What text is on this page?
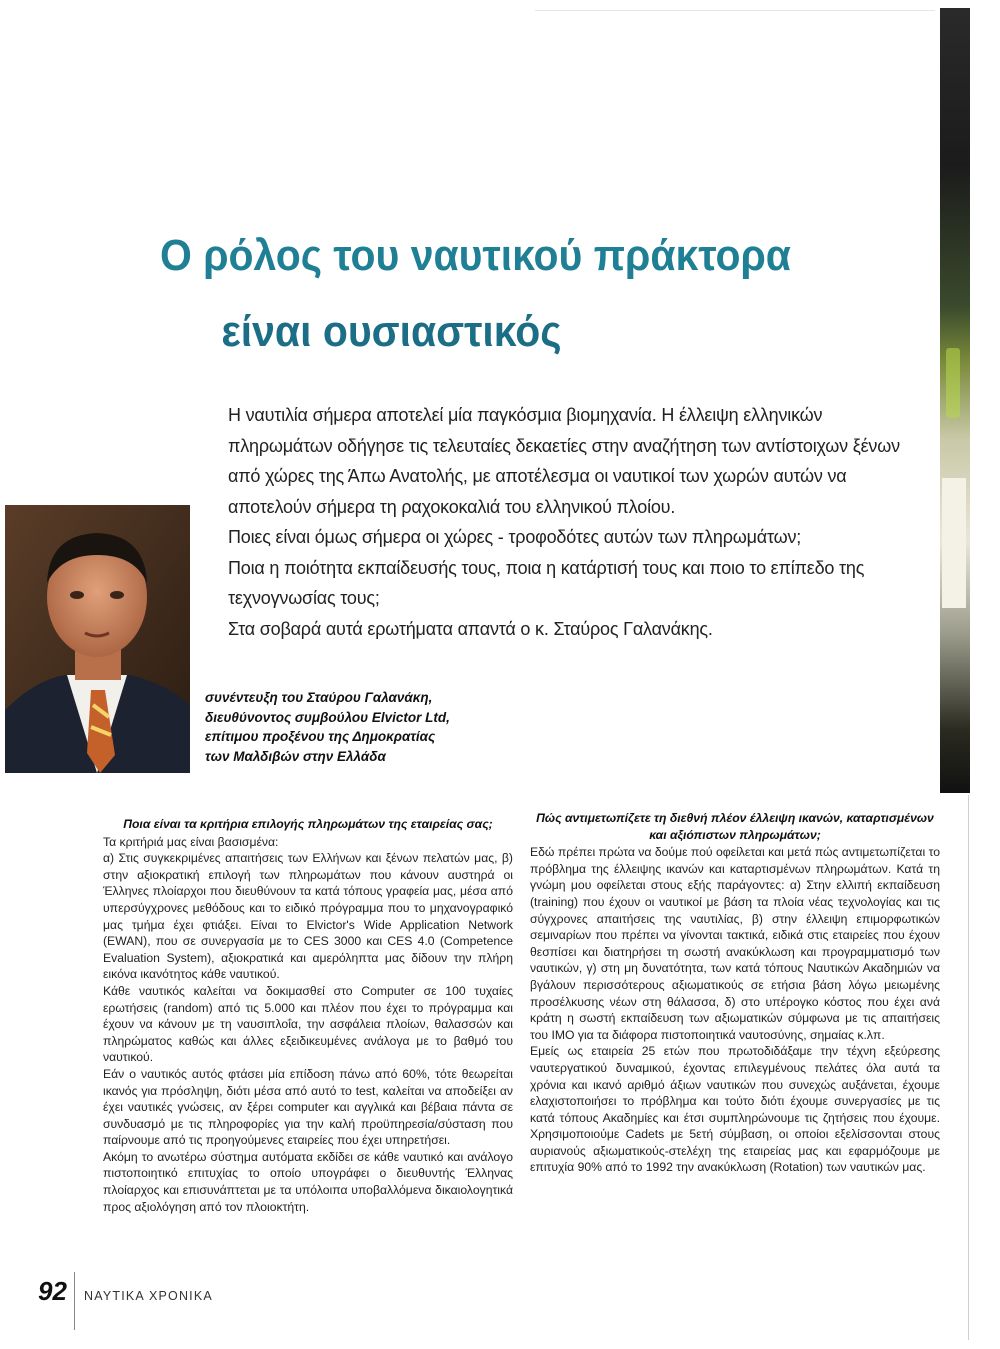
Ο ρόλος του ναυτικού πράκτορα
είναι ουσιαστικός

Η ναυτιλία σήμερα αποτελεί μία παγκόσμια βιομηχανία. Η έλλειψη ελληνικών πληρωμάτων οδήγησε τις τελευταίες δεκαετίες στην αναζήτηση των αντίστοιχων ξένων από χώρες της Άπω Ανατολής, με αποτέλεσμα οι ναυτικοί των χωρών αυτών να αποτελούν σήμερα τη ραχοκοκαλιά του ελληνικού πλοίου.

Ποιες είναι όμως σήμερα οι χώρες - τροφοδότες αυτών των πληρωμάτων;

Ποια η ποιότητα εκπαίδευσής τους, ποια η κατάρτισή τους και ποιο το επίπεδο της τεχνογνωσίας τους;

Στα σοβαρά αυτά ερωτήματα απαντά ο κ. Σταύρος Γαλανάκης.

συνέντευξη του Σταύρου Γαλανάκη,
διευθύνοντος συμβούλου Elvictor Ltd,
επίτιμου προξένου της Δημοκρατίας
των Μαλδιβών στην Ελλάδα
Ποια είναι τα κριτήρια επιλογής πληρωμάτων της εταιρείας σας;

Τα κριτήριά μας είναι βασισμένα:

α) Στις συγκεκριμένες απαιτήσεις των Ελλήνων και ξένων πελατών μας, β) στην αξιοκρατική επιλογή των πληρωμάτων που κάνουν αυστηρά οι Έλληνες πλοίαρχοι που διευθύνουν τα κατά τόπους γραφεία μας, μέσα από υπερσύγχρονες μεθόδους και το ειδικό πρόγραμμα που το μηχανογραφικό μας τμήμα έχει φτιάξει. Είναι το Elvictor's Wide Application Network (EWAN), που σε συνεργασία με το CES 3000 και CES 4.0 (Competence Evaluation System), αξιοκρατικά και αμερόληπτα μας δίδουν την πλήρη εικόνα ικανότητος κάθε ναυτικού.

Κάθε ναυτικός καλείται να δοκιμασθεί στο Computer σε 100 τυχαίες ερωτήσεις (random) από τις 5.000 και πλέον που έχει το πρόγραμμα και έχουν να κάνουν με τη ναυσιπλοΐα, την ασφάλεια πλοίων, θαλασσών και πληρώματος καθώς και άλλες εξειδικευμένες ανάλογα με το βαθμό του ναυτικού.

Εάν ο ναυτικός αυτός φτάσει μία επίδοση πάνω από 60%, τότε θεωρείται ικανός για πρόσληψη, διότι μέσα από αυτό το test, καλείται να αποδείξει αν έχει ναυτικές γνώσεις, αν ξέρει computer και αγγλικά και βέβαια πάντα σε συνδυασμό με τις πληροφορίες για την καλή προϋπηρεσία/σύσταση που παίρνουμε από τις προηγούμενες εταιρείες που έχει υπηρετήσει.

Ακόμη το ανωτέρω σύστημα αυτόματα εκδίδει σε κάθε ναυτικό και ανάλογο πιστοποιητικό επιτυχίας το οποίο υπογράφει ο διευθυντής Έλληνας πλοίαρχος και επισυνάπτεται με τα υπόλοιπα υποβαλλόμενα δικαιολογητικά προς αξιολόγηση από τον πλοιοκτήτη.

Πώς αντιμετωπίζετε τη διεθνή πλέον έλλειψη ικανών, καταρτισμένων και αξιόπιστων πληρωμάτων;

Εδώ πρέπει πρώτα να δούμε πού οφείλεται και μετά πώς αντιμετωπίζεται το πρόβλημα της έλλειψης ικανών και καταρτισμένων πληρωμάτων. Κατά τη γνώμη μου οφείλεται στους εξής παράγοντες: α) Στην ελλιπή εκπαίδευση (training) που έχουν οι ναυτικοί με βάση τα πλοία νέας τεχνολογίας και τις σύγχρονες απαιτήσεις της ναυτιλίας, β) στην έλλειψη επιμορφωτικών σεμιναρίων που πρέπει να γίνονται τακτικά, ειδικά στις εταιρείες που έχουν θεσπίσει και διατηρήσει τη σωστή ανακύκλωση και προγραμματισμό των ναυτικών, γ) στη μη δυνατότητα, των κατά τόπους Ναυτικών Ακαδημιών να βγάλουν περισσότερους αξιωματικούς σε ετήσια βάση λόγω μειωμένης προσέλκυσης νέων στη θάλασσα, δ) στο υπέρογκο κόστος που έχει ανά κράτη η σωστή εκπαίδευση των αξιωματικών σύμφωνα με τις απαιτήσεις του ΙΜΟ για τα διάφορα πιστοποιητικά ναυτοσύνης, σημαίας κ.λπ.

Εμείς ως εταιρεία 25 ετών που πρωτοδιδάξαμε την τέχνη εξεύρεσης ναυτεργατικού δυναμικού, έχοντας επιλεγμένους πελάτες όλα αυτά τα χρόνια και ικανό αριθμό άξιων ναυτικών που συνεχώς αυξάνεται, έχουμε ελαχιστοποιήσει το πρόβλημα και τούτο διότι έχουμε συνεργασίες με τις κατά τόπους Ακαδημίες και έτσι συμπληρώνουμε τις ζητήσεις που έχουμε. Χρησιμοποιούμε Cadets με 5ετή σύμβαση, οι οποίοι εξελίσσονται στους αυριανούς αξιωματικούς-στελέχη της εταιρείας μας και εφαρμόζουμε με επιτυχία 90% από το 1992 την ανακύκλωση (Rotation) των ναυτικών μας.

92 ΝΑΥΤΙΚΑ ΧΡΟΝΙΚΑ
